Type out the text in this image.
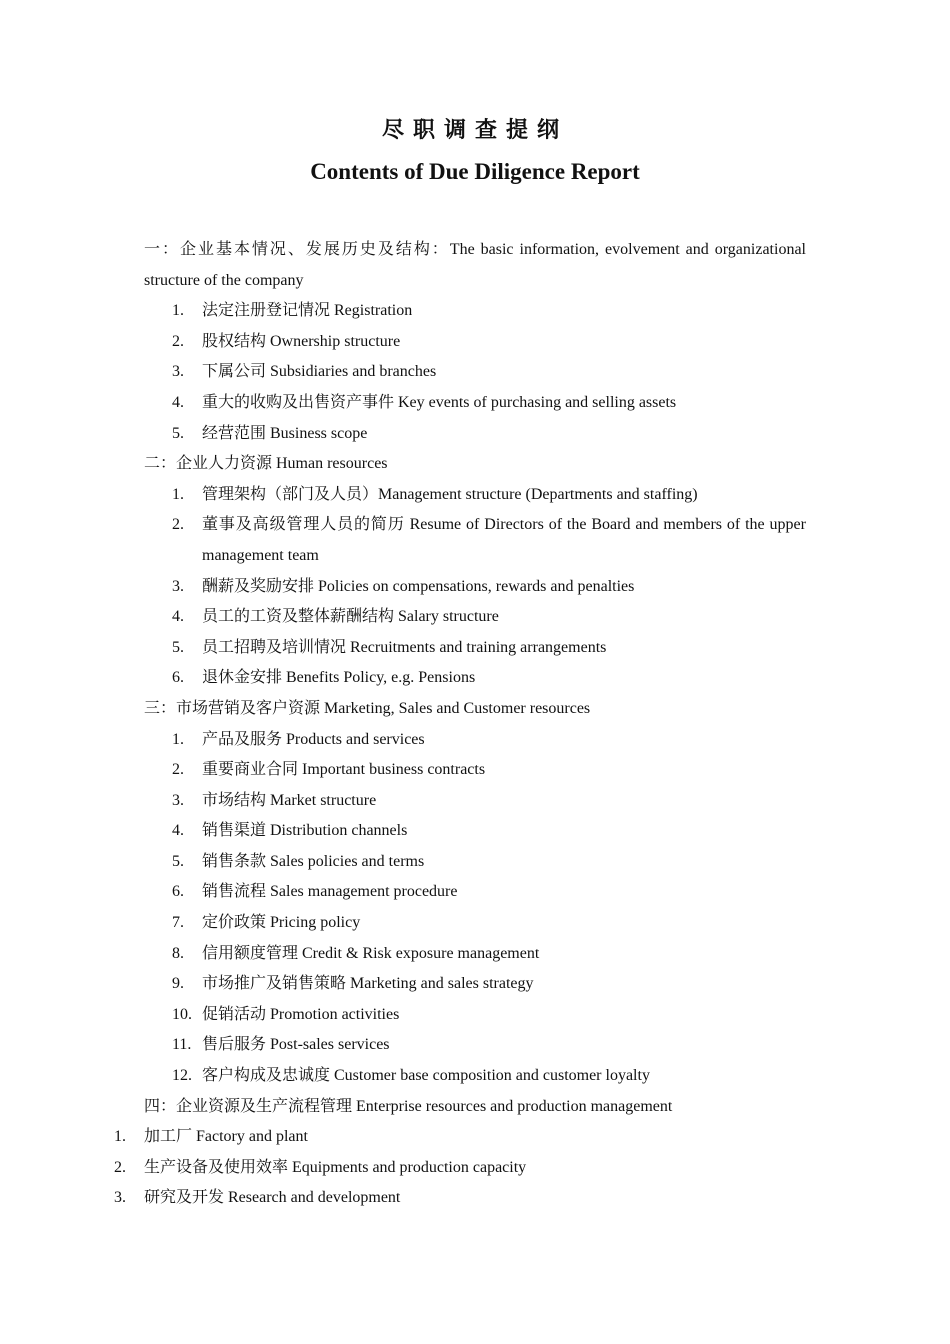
尽职调查提纲
Contents of Due Diligence Report
一：企业基本情况、发展历史及结构：The basic information, evolvement and organizational structure of the company
1. 法定注册登记情况 Registration
2. 股权结构 Ownership structure
3. 下属公司 Subsidiaries and branches
4. 重大的收购及出售资产事件 Key events of purchasing and selling assets
5. 经营范围 Business scope
二：企业人力资源 Human resources
1. 管理架构（部门及人员）Management structure (Departments and staffing)
2. 董事及高级管理人员的简历 Resume of Directors of the Board and members of the upper management team
3. 酬薪及奖励安排 Policies on compensations, rewards and penalties
4. 员工的工资及整体薪酬结构 Salary structure
5. 员工招聘及培训情况 Recruitments and training arrangements
6. 退休金安排 Benefits Policy, e.g. Pensions
三：市场营销及客户资源 Marketing, Sales and Customer resources
1. 产品及服务 Products and services
2. 重要商业合同 Important business contracts
3. 市场结构 Market structure
4. 销售渠道 Distribution channels
5. 销售条款 Sales policies and terms
6. 销售流程 Sales management procedure
7. 定价政策 Pricing policy
8. 信用额度管理 Credit & Risk exposure management
9. 市场推广及销售策略 Marketing and sales strategy
10. 促销活动 Promotion activities
11. 售后服务 Post-sales services
12. 客户构成及忠诚度 Customer base composition and customer loyalty
四：企业资源及生产流程管理 Enterprise resources and production management
1. 加工厂 Factory and plant
2. 生产设备及使用效率 Equipments and production capacity
3. 研究及开发 Research and development
